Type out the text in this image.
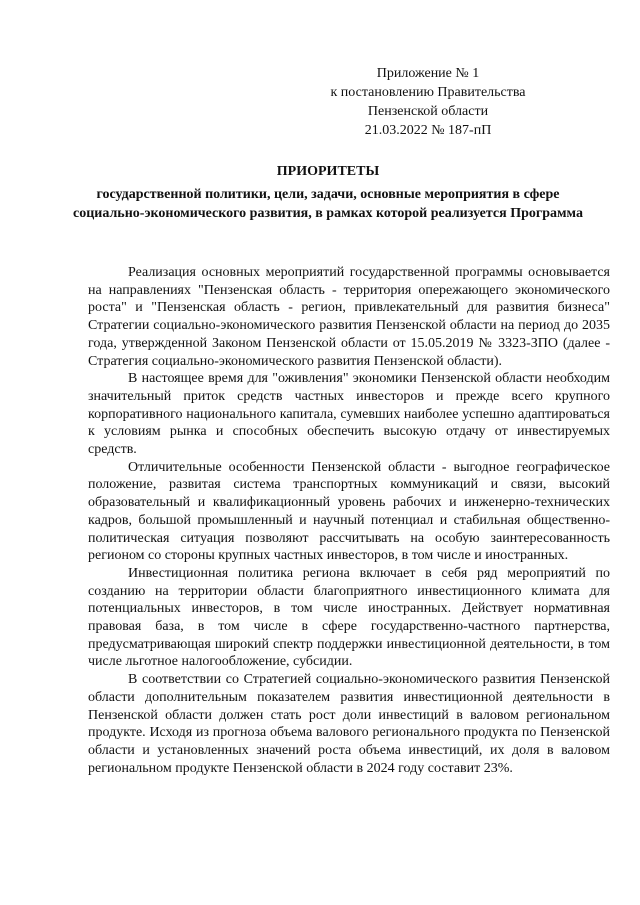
Приложение № 1
к постановлению Правительства
Пензенской области
21.03.2022 № 187-пП
ПРИОРИТЕТЫ
государственной политики, цели, задачи, основные мероприятия в сфере социально-экономического развития, в рамках которой реализуется Программа

Реализация основных мероприятий государственной программы основывается на направлениях "Пензенская область - территория опережающего экономического роста" и "Пензенская область - регион, привлекательный для развития бизнеса" Стратегии социально-экономического развития Пензенской области на период до 2035 года, утвержденной Законом Пензенской области от 15.05.2019 № 3323-ЗПО (далее - Стратегия социально-экономического развития Пензенской области).

В настоящее время для "оживления" экономики Пензенской области необходим значительный приток средств частных инвесторов и прежде всего крупного корпоративного национального капитала, сумевших наиболее успешно адаптироваться к условиям рынка и способных обеспечить высокую отдачу от инвестируемых средств.

Отличительные особенности Пензенской области - выгодное географическое положение, развитая система транспортных коммуникаций и связи, высокий образовательный и квалификационный уровень рабочих и инженерно-технических кадров, большой промышленный и научный потенциал и стабильная общественно-политическая ситуация позволяют рассчитывать на особую заинтересованность регионом со стороны крупных частных инвесторов, в том числе и иностранных.

Инвестиционная политика региона включает в себя ряд мероприятий по созданию на территории области благоприятного инвестиционного климата для потенциальных инвесторов, в том числе иностранных. Действует нормативная правовая база, в том числе в сфере государственно-частного партнерства, предусматривающая широкий спектр поддержки инвестиционной деятельности, в том числе льготное налогообложение, субсидии.

В соответствии со Стратегией социально-экономического развития Пензенской области дополнительным показателем развития инвестиционной деятельности в Пензенской области должен стать рост доли инвестиций в валовом региональном продукте. Исходя из прогноза объема валового регионального продукта по Пензенской области и установленных значений роста объема инвестиций, их доля в валовом региональном продукте Пензенской области в 2024 году составит 23%.
